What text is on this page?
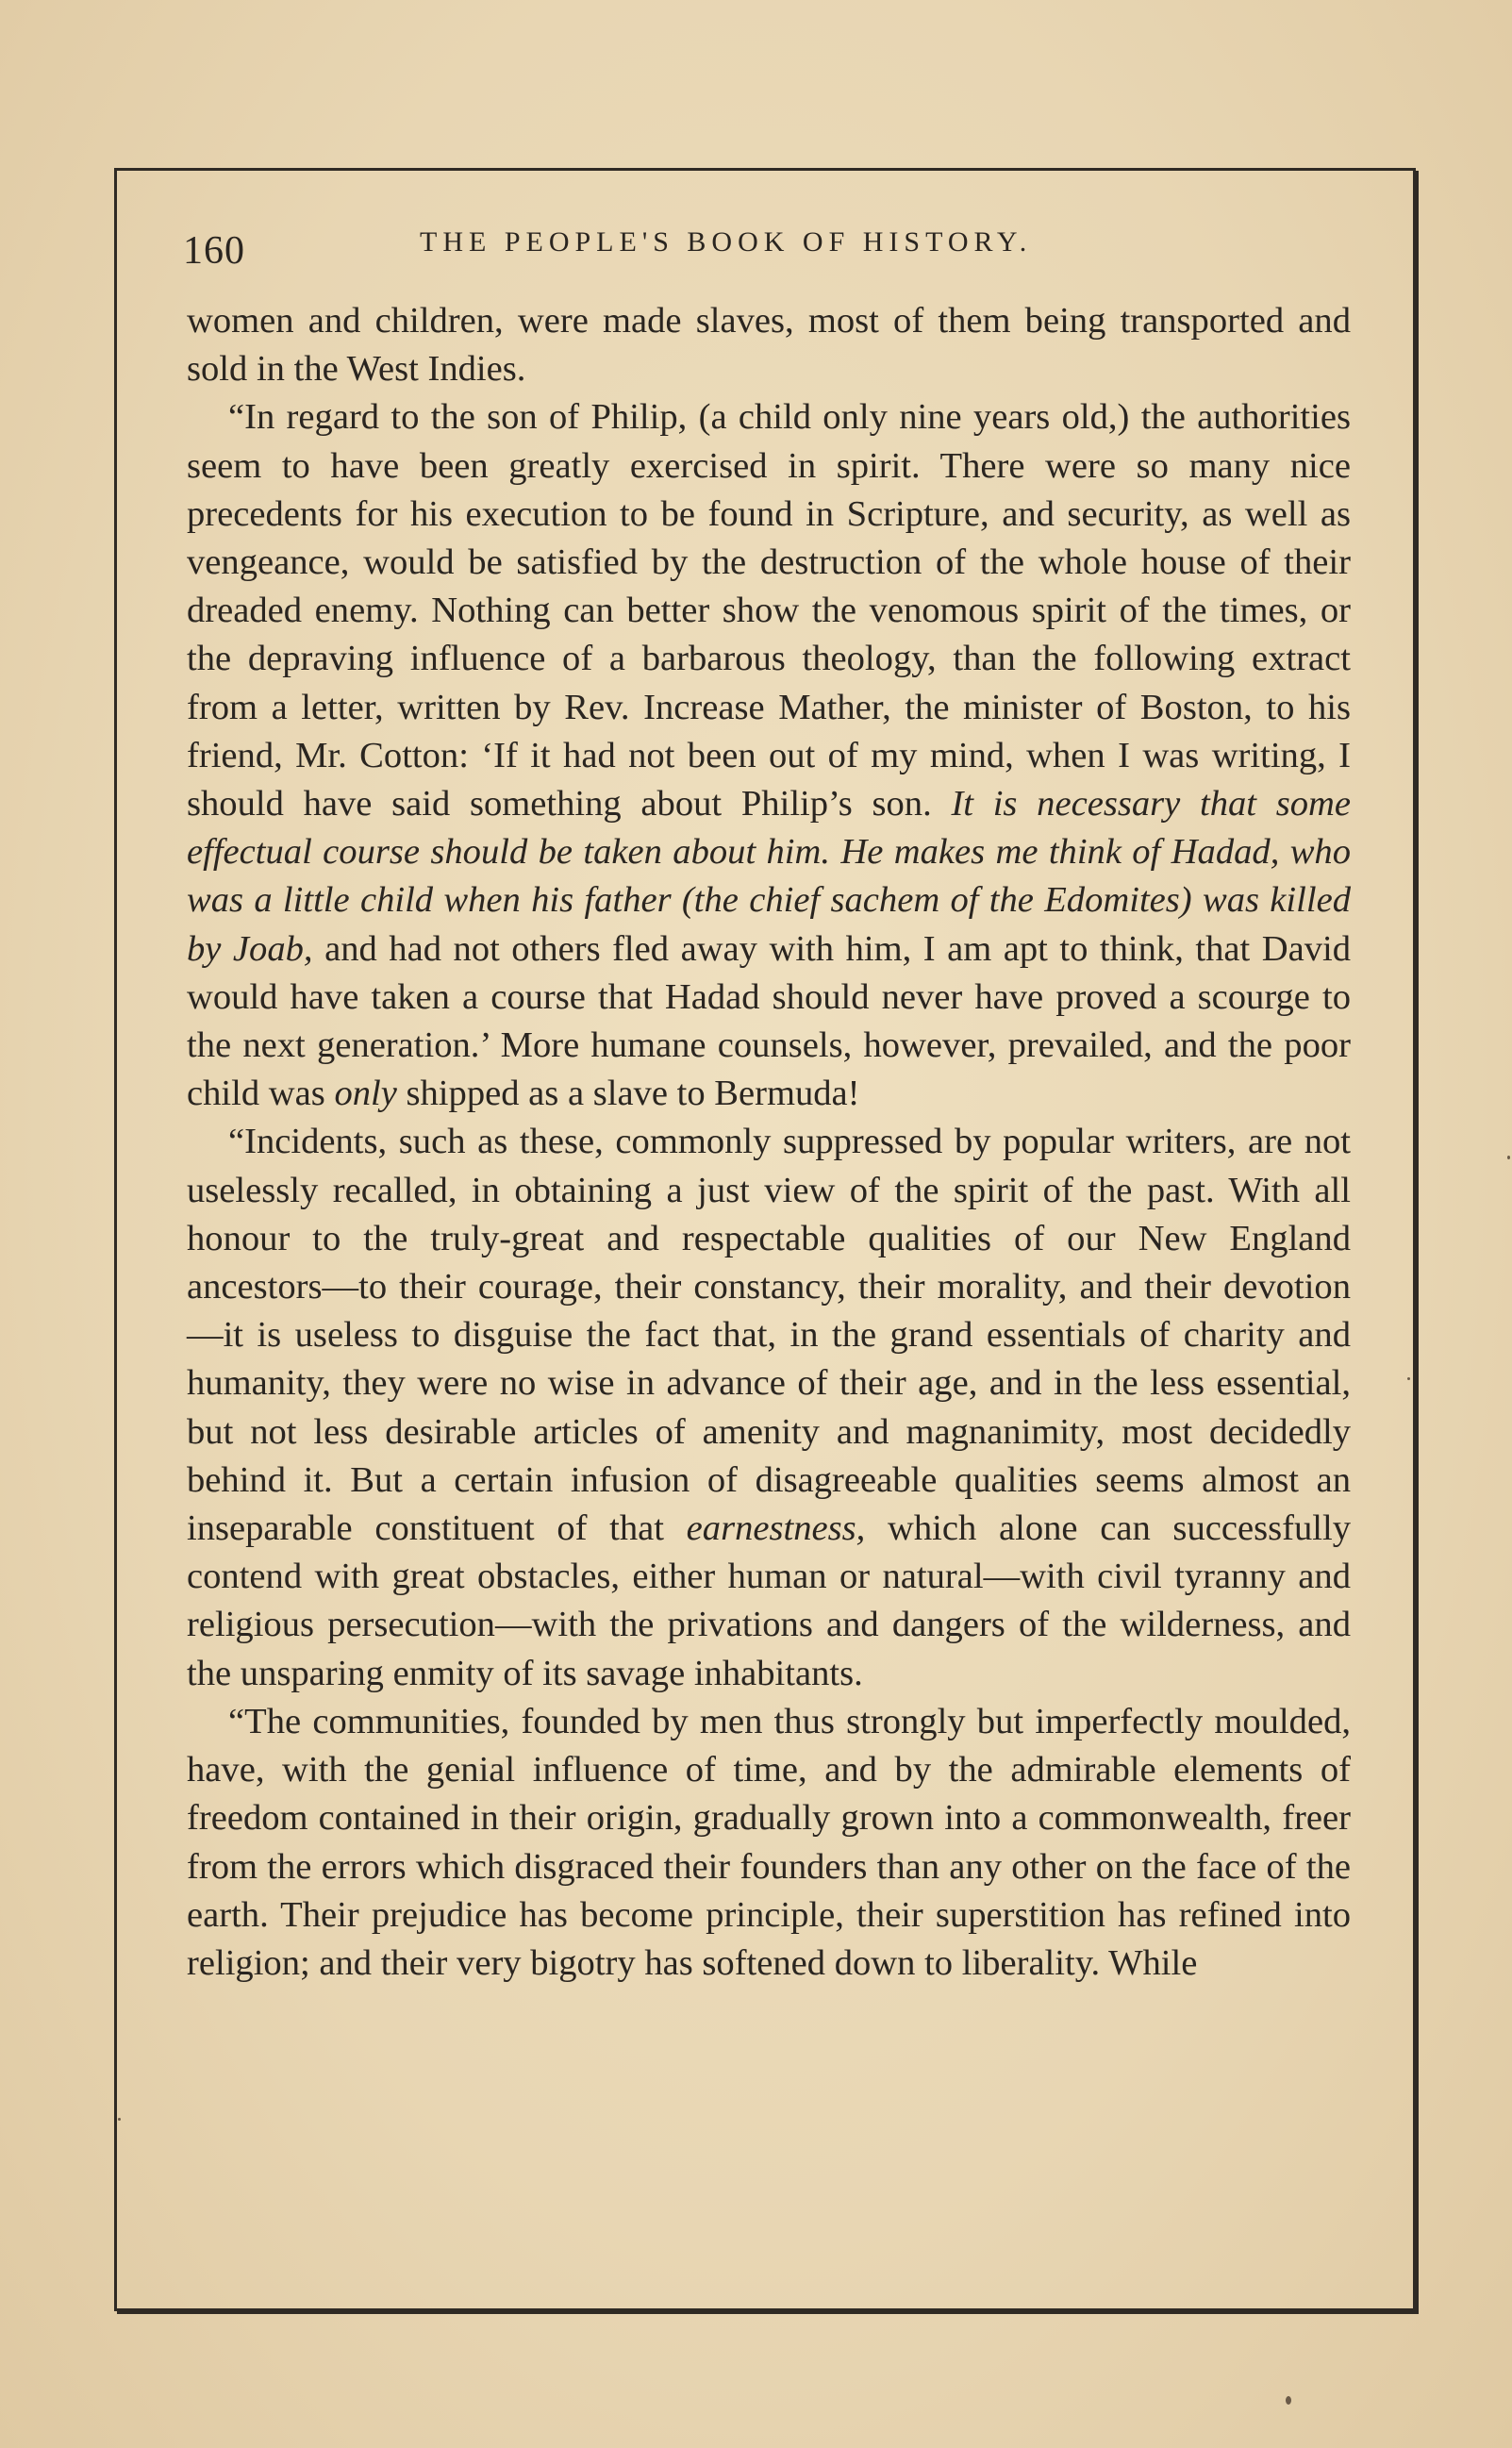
160	THE PEOPLE'S BOOK OF HISTORY.

women and children, were made slaves, most of them being transported and sold in the West Indies.

“In regard to the son of Philip, (a child only nine years old,) the authorities seem to have been greatly exercised in spirit. There were so many nice precedents for his execution to be found in Scripture, and security, as well as vengeance, would be satisfied by the destruction of the whole house of their dreaded enemy. Nothing can better show the venomous spirit of the times, or the depraving influence of a barbarous theology, than the following extract from a letter, written by Rev. Increase Mather, the minister of Boston, to his friend, Mr. Cotton: ‘If it had not been out of my mind, when I was writing, I should have said something about Philip’s son. It is necessary that some effectual course should be taken about him. He makes me think of Hadad, who was a little child when his father (the chief sachem of the Edomites) was killed by Joab, and had not others fled away with him, I am apt to think, that David would have taken a course that Hadad should never have proved a scourge to the next generation.’ More humane counsels, however, prevailed, and the poor child was only shipped as a slave to Bermuda!

“Incidents, such as these, commonly suppressed by popular writers, are not uselessly recalled, in obtaining a just view of the spirit of the past. With all honour to the truly-great and respectable qualities of our New England ancestors—to their courage, their constancy, their morality, and their devotion—it is useless to disguise the fact that, in the grand essentials of charity and humanity, they were no wise in advance of their age, and in the less essential, but not less desirable articles of amenity and magnanimity, most decidedly behind it. But a certain infusion of disagreeable qualities seems almost an inseparable constituent of that earnestness, which alone can successfully contend with great obstacles, either human or natural—with civil tyranny and religious persecution—with the privations and dangers of the wilderness, and the unsparing enmity of its savage inhabitants.

“The communities, founded by men thus strongly but imperfectly moulded, have, with the genial influence of time, and by the admirable elements of freedom contained in their origin, gradually grown into a commonwealth, freer from the errors which disgraced their founders than any other on the face of the earth. Their prejudice has become principle, their superstition has refined into religion; and their very bigotry has softened down to liberality. While
